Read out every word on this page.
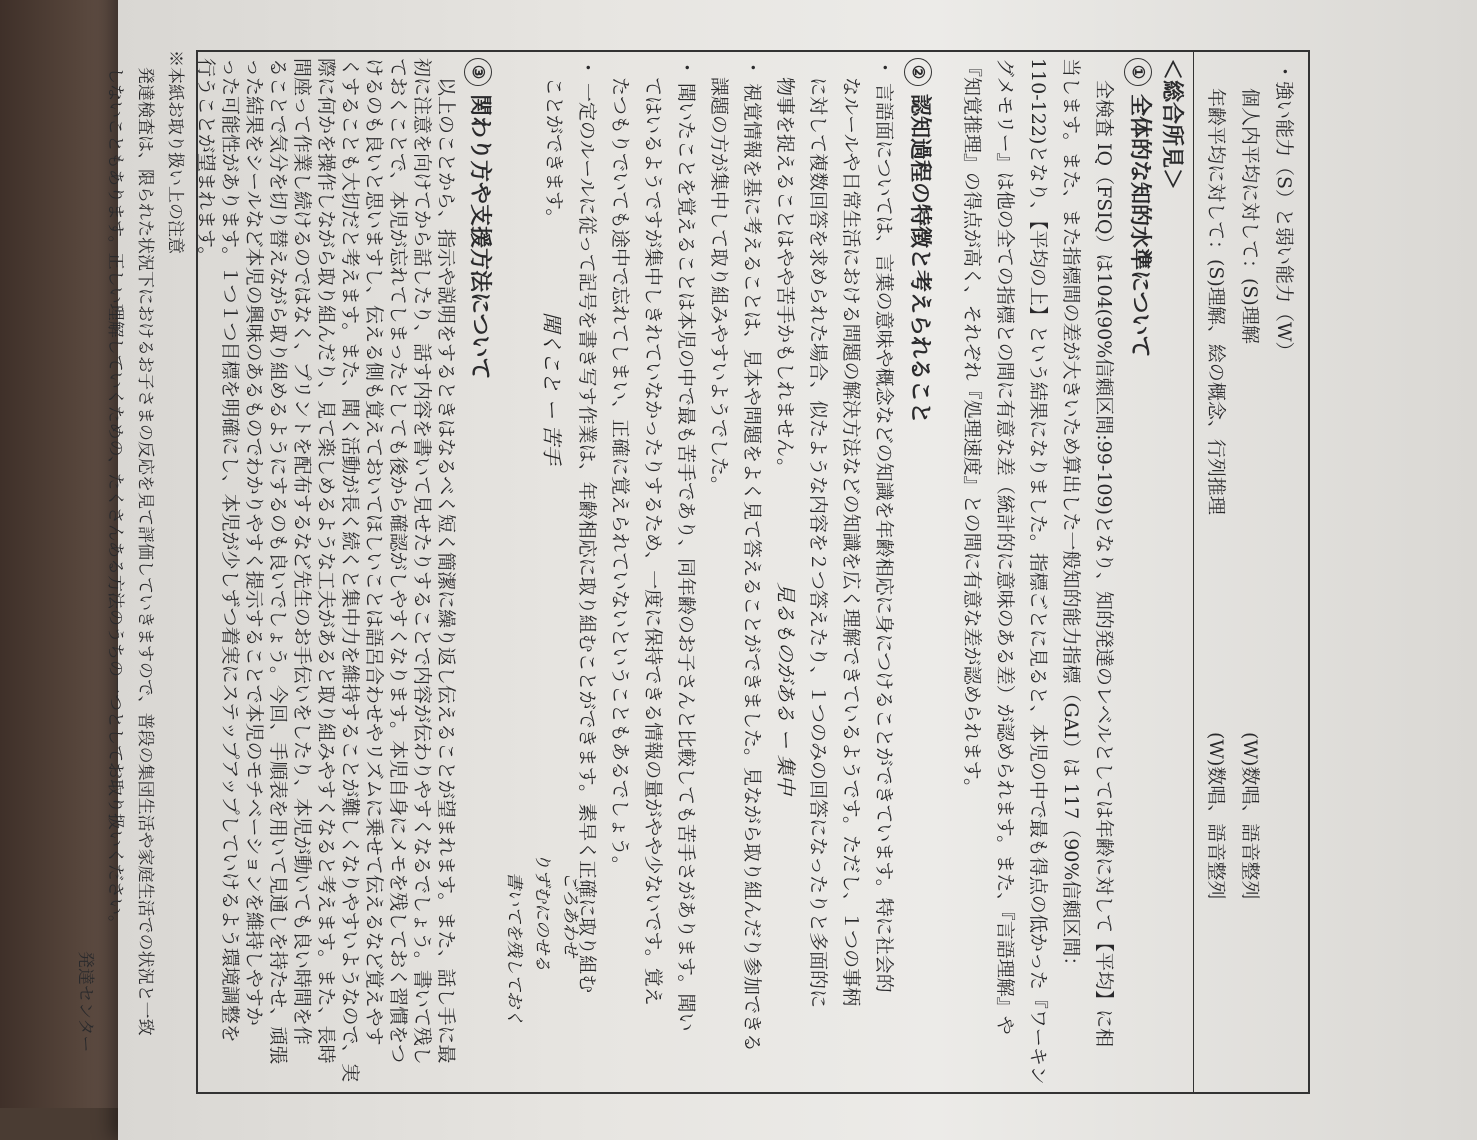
・強い能力（S）と弱い能力（W）
個人内平均に対して：(S)理解
(W)数唱、語音整列
年齢平均に対して：(S)理解、絵の概念、行列推理
(W)数唱、語音整列
＜総合所見＞
①全体的な知的水準について
全検査 IQ（FSIQ）は104(90%信頼区間:99-109)となり、知的発達のレベルとしては年齢に対して【平均】に相
当します。また、また指標間の差が大きいため算出した一般知的能力指標（GAI）は 117（90%信頼区間：
110-122)となり、【平均の上】という結果になりました。指標ごとに見ると、本児の中で最も得点の低かった『ワーキン
グメモリー』は他の全ての指標との間に有意な差（統計的に意味のある差）が認められます。また、『言語理解』や
『知覚推理』の得点が高く、それぞれ『処理速度』との間に有意な差が認められます。
②認知過程の特徴と考えられること
・ 言語面については、言葉の意味や概念などの知識を年齢相応に身につけることができています。特に社会的
　なルールや日常生活における問題の解決方法などの知識を広く理解できているようです。ただし、１つの事柄
　に対して複数回答を求められた場合、似たような内容を２つ答えたり、１つのみの回答になったりと多面的に
　物事を捉えることはやや苦手かもしれません。
・ 視覚情報を基に考えることは、見本や問題をよく見て答えることができました。見ながら取り組んだり参加できる
　課題の方が集中して取り組みやすいようでした。
・ 聞いたことを覚えることは本児の中で最も苦手であり、同年齢のお子さんと比較しても苦手さがあります。聞い
　てはいるようですが集中しきれていなかったりするため、一度に保持できる情報の量がやや少ないです。覚え
　たつもりでいても途中で忘れてしまい、正確に覚えられていないということもあるでしょう。
・ 一定のルールに従って記号を書き写す作業は、年齢相応に取り組むことができます。素早く正確に取り組む
　ことができます。
見るものがある ー 集中
聞くこと ー 苦手
ごろあわせ
りずむにのせる
書いてを残しておく
③関わり方や支援方法について
　以上のことから、指示や説明をするときはなるべく短く簡潔に繰り返し伝えることが望まれます。また、話し手に最
初に注意を向けてから話したり、話す内容を書いて見せたりすることで内容が伝わりやすくなるでしょう。書いて残し
ておくことで、本児が忘れてしまったとしても後から確認がしやすくなります。本児自身にメモを残しておく習慣をつ
けるのも良いと思いますし、伝える側も覚えておいてほしいことは語呂合わせやリズムに乗せて伝えるなど覚えやす
くすることも大切だと考えます。また、聞く活動が長く続くと集中力を維持することが難しくなりやすいようなので、実
際に何かを操作しながら取り組んだり、見て楽しめるような工夫があると取り組みやすくなると考えます。また、長時
間座って作業し続けるのではなく、プリントを配布するなど先生のお手伝いをしたり、本児が動いても良い時間を作
ることで気分を切り替えながら取り組めるようにするのも良いでしょう。今回、手順表を用いて見通しを持たせ、頑張
った結果をシールなど本児の興味のあるものでわかりやすく提示することで本児のモチベーションを維持しやすか
った可能性があります。１つ１つ目標を明確にし、本児が少しずつ着実にステップアップしていけるよう環境調整を
行うことが望まれます。
※本紙お取り扱い上の注意
　発達検査は、限られた状況下におけるお子さまの反応を見て評価していきますので、普段の集団生活や家庭生活での状況と一致
　しないこともあります。正しい理解していくための、たくさんある方法のうちの一つとしてお取り扱いください。
　　　　　　　　　　　　　　　　　　　　　　　　　　　　　　　　　　　　　　　　　　　　　　　　　　　　　発達センター
